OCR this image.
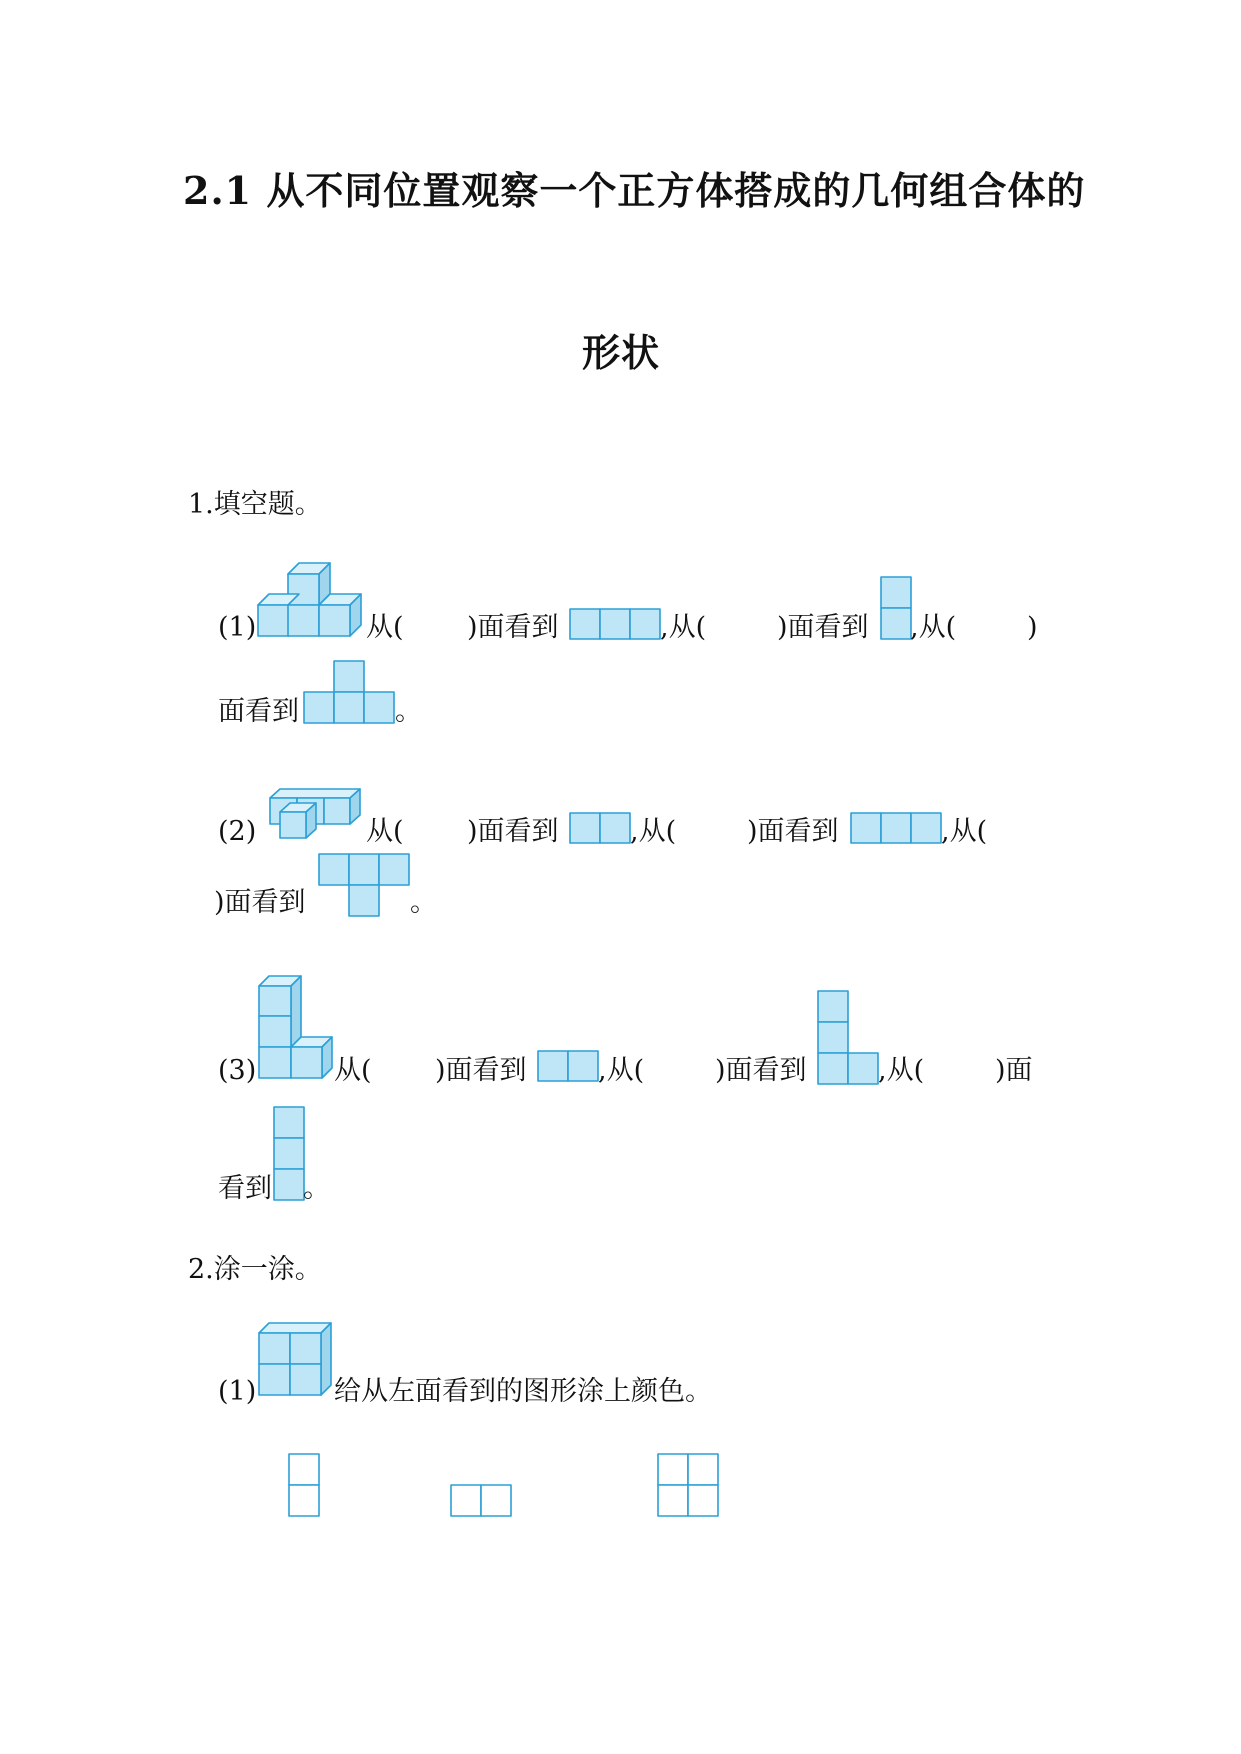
2.1 从不同位置观察一个正方体搭成的几何组合体的
形状
1.填空题。
(1)	从( )面看到	,从(	)面看到 ,从(	)
面看到	。
(2)	从( )面看到	,从(	)面看到	,从(
)面看到	。
(3)	从( )面看到	,从(	)面看到	,从(	)面
看到 。
2.涂一涂。
(1)	给从左面看到的图形涂上颜色。
